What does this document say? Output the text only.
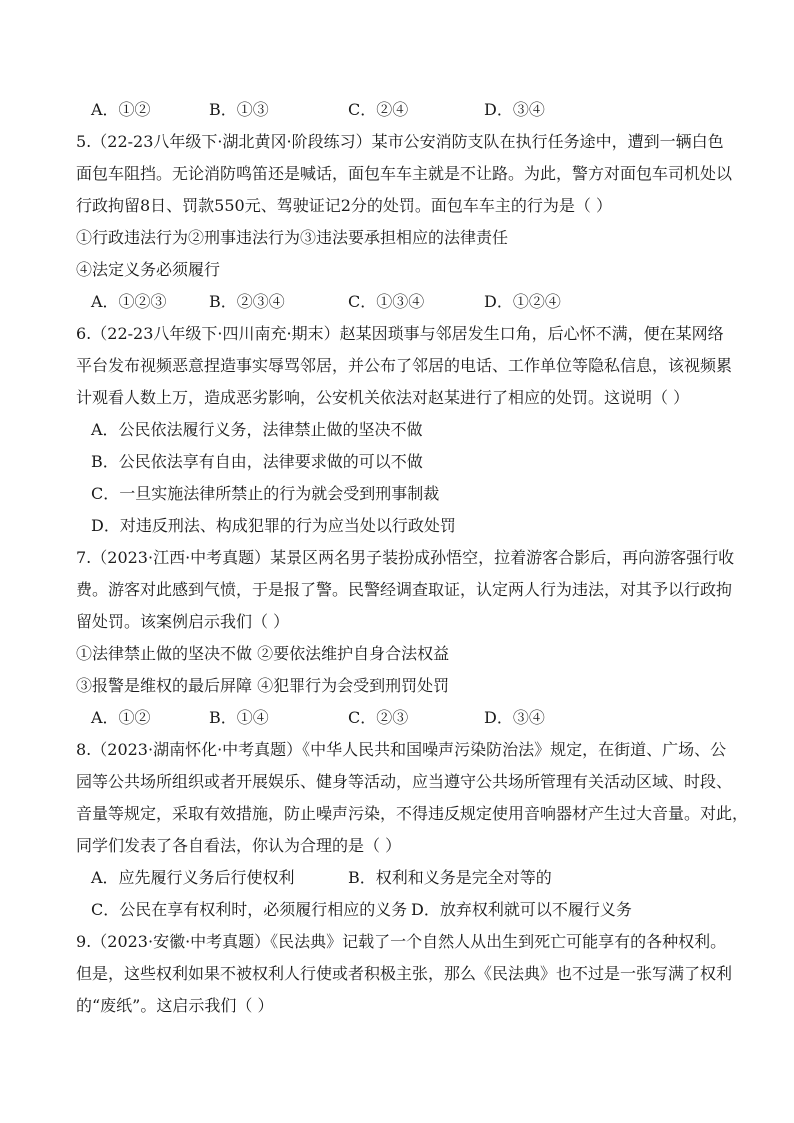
A．①②	B．①③	C．②④	D．③④
5.（22-23八年级下·湖北黄冈·阶段练习）某市公安消防支队在执行任务途中，遭到一辆白色
面包车阻挡。无论消防鸣笛还是喊话，面包车车主就是不让路。为此，警方对面包车司机处以
行政拘留8日、罚款550元、驾驶证记2分的处罚。面包车车主的行为是（ ）
①行政违法行为②刑事违法行为③违法要承担相应的法律责任
④法定义务必须履行
A．①②③	B．②③④	C．①③④	D．①②④
6.（22-23八年级下·四川南充·期末）赵某因琐事与邻居发生口角，后心怀不满，便在某网络
平台发布视频恶意捏造事实辱骂邻居，并公布了邻居的电话、工作单位等隐私信息，该视频累
计观看人数上万，造成恶劣影响，公安机关依法对赵某进行了相应的处罚。这说明（ ）
A．公民依法履行义务，法律禁止做的坚决不做
B．公民依法享有自由，法律要求做的可以不做
C．一旦实施法律所禁止的行为就会受到刑事制裁
D．对违反刑法、构成犯罪的行为应当处以行政处罚
7.（2023·江西·中考真题）某景区两名男子装扮成孙悟空，拉着游客合影后，再向游客强行收
费。游客对此感到气愤，于是报了警。民警经调查取证，认定两人行为违法，对其予以行政拘
留处罚。该案例启示我们（ ）
①法律禁止做的坚决不做 ②要依法维护自身合法权益
③报警是维权的最后屏障 ④犯罪行为会受到刑罚处罚
A．①②	B．①④	C．②③	D．③④
8.（2023·湖南怀化·中考真题）《中华人民共和国噪声污染防治法》规定，在街道、广场、公
园等公共场所组织或者开展娱乐、健身等活动，应当遵守公共场所管理有关活动区域、时段、
音量等规定，采取有效措施，防止噪声污染，不得违反规定使用音响器材产生过大音量。对此，
同学们发表了各自看法，你认为合理的是（ ）
A．应先履行义务后行使权利	B．权利和义务是完全对等的
C．公民在享有权利时，必须履行相应的义务 D．放弃权利就可以不履行义务
9.（2023·安徽·中考真题）《民法典》记载了一个自然人从出生到死亡可能享有的各种权利。
但是，这些权利如果不被权利人行使或者积极主张，那么《民法典》也不过是一张写满了权利
的“废纸”。这启示我们（ ）
